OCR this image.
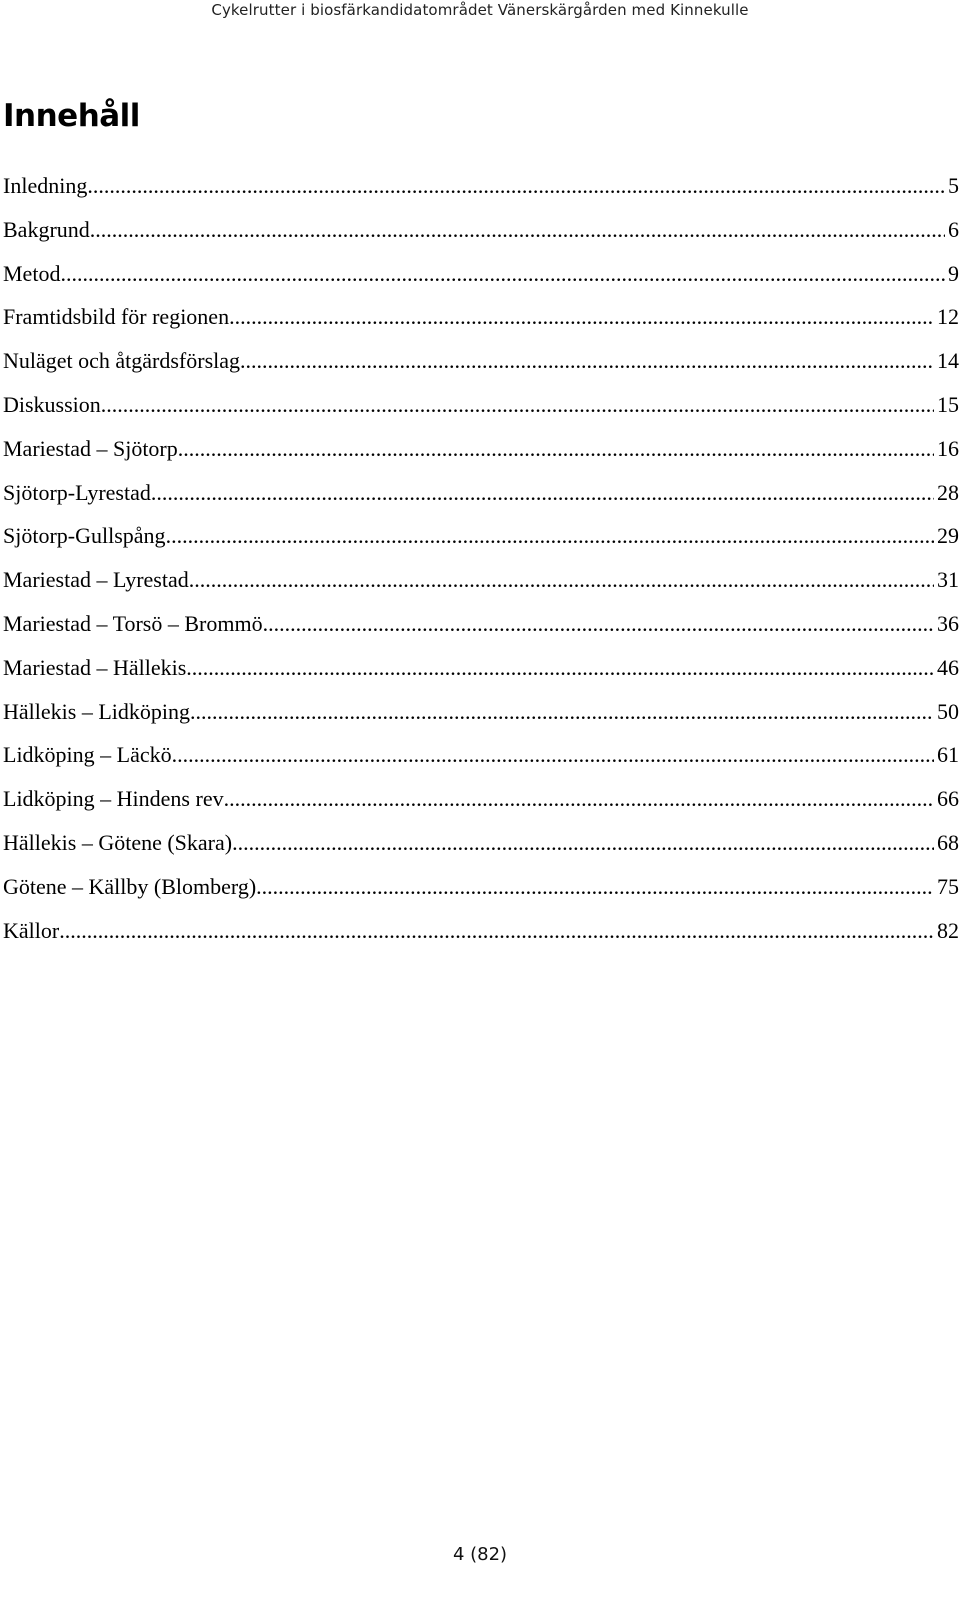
Cykelrutter i biosfärkandidatområdet Vänerskärgården med Kinnekulle
Innehåll
Inledning .....	5
Bakgrund .....	6
Metod .....	9
Framtidsbild för regionen .....	12
Nuläget och åtgärdsförslag .....	14
Diskussion .....	15
Mariestad – Sjötorp .....	16
Sjötorp-Lyrestad .....	28
Sjötorp-Gullspång .....	29
Mariestad – Lyrestad .....	31
Mariestad – Torsö – Brommö .....	36
Mariestad – Hällekis .....	46
Hällekis – Lidköping .....	50
Lidköping – Läckö .....	61
Lidköping – Hindens rev .....	66
Hällekis – Götene (Skara) .....	68
Götene – Källby (Blomberg) .....	75
Källor .....	82
4 (82)
